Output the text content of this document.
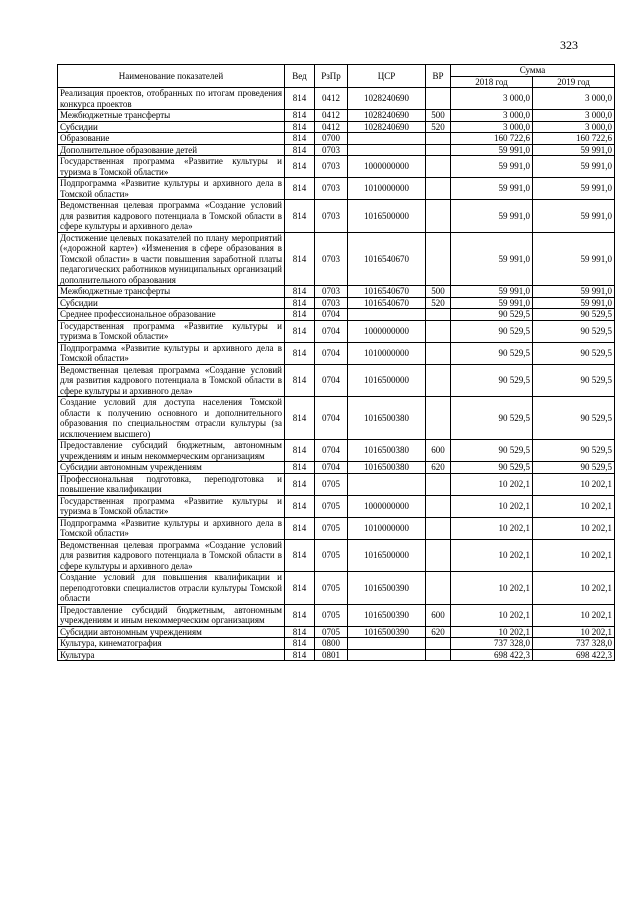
323
Наименование показателей	Вед	РзПр	ЦСР	ВР	Сумма	
					2018 год	2019 год
Реализация проектов, отобранных по итогам проведения конкурса проектов	814	0412	1028240690		3 000,0	3 000,0
Межбюджетные трансферты	814	0412	1028240690	500	3 000,0	3 000,0
Субсидии	814	0412	1028240690	520	3 000,0	3 000,0
Образование	814	0700			160 722,6	160 722,6
Дополнительное образование детей	814	0703			59 991,0	59 991,0
Государственная программа «Развитие культуры и туризма в Томской области»	814	0703	1000000000		59 991,0	59 991,0
Подпрограмма «Развитие культуры и архивного дела в Томской области»	814	0703	1010000000		59 991,0	59 991,0
Ведомственная целевая программа «Создание условий для развития кадрового потенциала в Томской области в сфере культуры и архивного дела»	814	0703	1016500000		59 991,0	59 991,0
Достижение целевых показателей по плану мероприятий («дорожной карте») «Изменения в сфере образования в Томской области» в части повышения заработной платы педагогических работников муниципальных организаций дополнительного образования	814	0703	1016540670		59 991,0	59 991,0
Межбюджетные трансферты	814	0703	1016540670	500	59 991,0	59 991,0
Субсидии	814	0703	1016540670	520	59 991,0	59 991,0
Среднее профессиональное образование	814	0704			90 529,5	90 529,5
Государственная программа «Развитие культуры и туризма в Томской области»	814	0704	1000000000		90 529,5	90 529,5
Подпрограмма «Развитие культуры и архивного дела в Томской области»	814	0704	1010000000		90 529,5	90 529,5
Ведомственная целевая программа «Создание условий для развития кадрового потенциала в Томской области в сфере культуры и архивного дела»	814	0704	1016500000		90 529,5	90 529,5
Создание условий для доступа населения Томской области к получению основного и дополнительного образования по специальностям отрасли культуры (за исключением высшего)	814	0704	1016500380		90 529,5	90 529,5
Предоставление субсидий бюджетным, автономным учреждениям и иным некоммерческим организациям	814	0704	1016500380	600	90 529,5	90 529,5
Субсидии автономным учреждениям	814	0704	1016500380	620	90 529,5	90 529,5
Профессиональная подготовка, переподготовка и повышение квалификации	814	0705			10 202,1	10 202,1
Государственная программа «Развитие культуры и туризма в Томской области»	814	0705	1000000000		10 202,1	10 202,1
Подпрограмма «Развитие культуры и архивного дела в Томской области»	814	0705	1010000000		10 202,1	10 202,1
Ведомственная целевая программа «Создание условий для развития кадрового потенциала в Томской области в сфере культуры и архивного дела»	814	0705	1016500000		10 202,1	10 202,1
Создание условий для повышения квалификации и переподготовки специалистов отрасли культуры Томской области	814	0705	1016500390		10 202,1	10 202,1
Предоставление субсидий бюджетным, автономным учреждениям и иным некоммерческим организациям	814	0705	1016500390	600	10 202,1	10 202,1
Субсидии автономным учреждениям	814	0705	1016500390	620	10 202,1	10 202,1
Культура, кинематография	814	0800			737 328,0	737 328,0
Культура	814	0801			698 422,3	698 422,3
